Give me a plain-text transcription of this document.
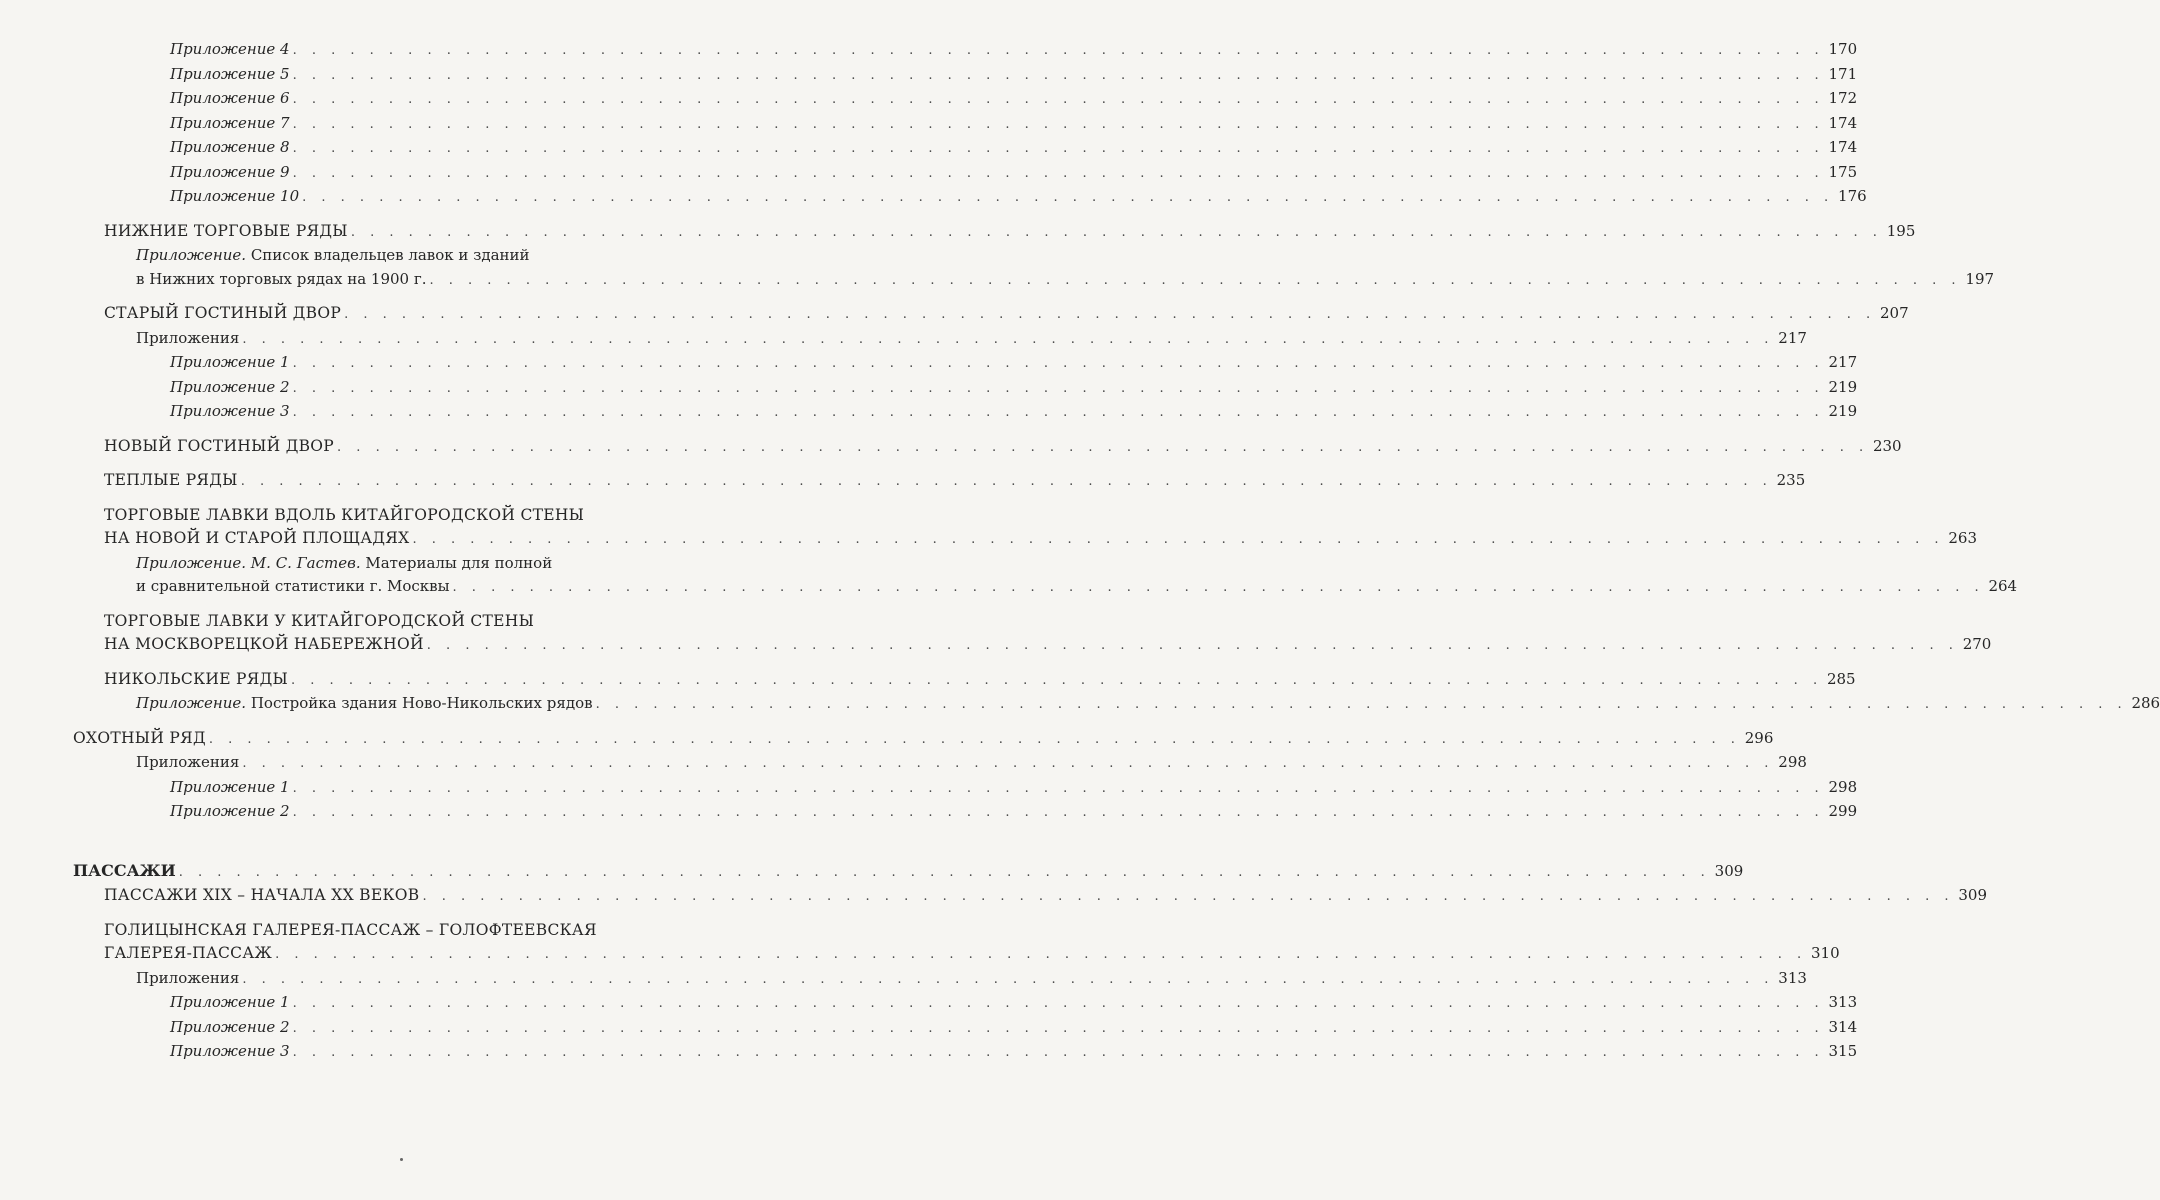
Приложение 4 . . . . . . . . . . . . . . . . . . . . . . . . . . . . . . . . . . . . . . . . . . . . . . . . . . . . . . . . . . . . . . . . . . . . . . . . . . . . . . . . 170
Приложение 5 . . . . . . . . . . . . . . . . . . . . . . . . . . . . . . . . . . . . . . . . . . . . . . . . . . . . . . . . . . . . . . . . . . . . . . . . . . . . . . . . 171
Приложение 6 . . . . . . . . . . . . . . . . . . . . . . . . . . . . . . . . . . . . . . . . . . . . . . . . . . . . . . . . . . . . . . . . . . . . . . . . . . . . . . . . 172
Приложение 7 . . . . . . . . . . . . . . . . . . . . . . . . . . . . . . . . . . . . . . . . . . . . . . . . . . . . . . . . . . . . . . . . . . . . . . . . . . . . . . . . 174
Приложение 8 . . . . . . . . . . . . . . . . . . . . . . . . . . . . . . . . . . . . . . . . . . . . . . . . . . . . . . . . . . . . . . . . . . . . . . . . . . . . . . . . 174
Приложение 9 . . . . . . . . . . . . . . . . . . . . . . . . . . . . . . . . . . . . . . . . . . . . . . . . . . . . . . . . . . . . . . . . . . . . . . . . . . . . . . . . 175
Приложение 10 . . . . . . . . . . . . . . . . . . . . . . . . . . . . . . . . . . . . . . . . . . . . . . . . . . . . . . . . . . . . . . . . . . . . . . . . . . . . . . . . 176
НИЖНИЕ ТОРГОВЫЕ РЯДЫ . . . . . . . . . . . . . . . . . . . . . . . . . . . . . . . . . . . . . . . . . . . . . . . . . . . . . . . . . . . . . . . . . . . . . . . . . . . . . . . . 195
Приложение.
Список владельцев лавок и зданий
в Нижних торговых рядах на 1900 г. . . . . . . . . . . . . . . . . . . . . . . . . . . . . . . . . . . . . . . . . . . . . . . . . . . . . . . . . . . . . . . . . . . . . . . . . . . . . . . . . 197
СТАРЫЙ ГОСТИНЫЙ ДВОР . . . . . . . . . . . . . . . . . . . . . . . . . . . . . . . . . . . . . . . . . . . . . . . . . . . . . . . . . . . . . . . . . . . . . . . . . . . . . . . . 207
Приложения . . . . . . . . . . . . . . . . . . . . . . . . . . . . . . . . . . . . . . . . . . . . . . . . . . . . . . . . . . . . . . . . . . . . . . . . . . . . . . . . 217
Приложение 1 . . . . . . . . . . . . . . . . . . . . . . . . . . . . . . . . . . . . . . . . . . . . . . . . . . . . . . . . . . . . . . . . . . . . . . . . . . . . . . . . 217
Приложение 2 . . . . . . . . . . . . . . . . . . . . . . . . . . . . . . . . . . . . . . . . . . . . . . . . . . . . . . . . . . . . . . . . . . . . . . . . . . . . . . . . 219
Приложение 3 . . . . . . . . . . . . . . . . . . . . . . . . . . . . . . . . . . . . . . . . . . . . . . . . . . . . . . . . . . . . . . . . . . . . . . . . . . . . . . . . 219
НОВЫЙ ГОСТИНЫЙ ДВОР . . . . . . . . . . . . . . . . . . . . . . . . . . . . . . . . . . . . . . . . . . . . . . . . . . . . . . . . . . . . . . . . . . . . . . . . . . . . . . . . 230
ТЕПЛЫЕ РЯДЫ . . . . . . . . . . . . . . . . . . . . . . . . . . . . . . . . . . . . . . . . . . . . . . . . . . . . . . . . . . . . . . . . . . . . . . . . . . . . . . . . 235
ТОРГОВЫЕ ЛАВКИ ВДОЛЬ КИТАЙГОРОДСКОЙ СТЕНЫ
НА НОВОЙ И СТАРОЙ ПЛОЩАДЯХ . . . . . . . . . . . . . . . . . . . . . . . . . . . . . . . . . . . . . . . . . . . . . . . . . . . . . . . . . . . . . . . . . . . . . . . . . . . . . . . . 263
Приложение. М. С. Гастев.
Материалы для полной
и сравнительной статистики г. Москвы . . . . . . . . . . . . . . . . . . . . . . . . . . . . . . . . . . . . . . . . . . . . . . . . . . . . . . . . . . . . . . . . . . . . . . . . . . . . . . . . 264
ТОРГОВЫЕ ЛАВКИ У КИТАЙГОРОДСКОЙ СТЕНЫ
НА МОСКВОРЕЦКОЙ НАБЕРЕЖНОЙ . . . . . . . . . . . . . . . . . . . . . . . . . . . . . . . . . . . . . . . . . . . . . . . . . . . . . . . . . . . . . . . . . . . . . . . . . . . . . . . . 270
НИКОЛЬСКИЕ РЯДЫ . . . . . . . . . . . . . . . . . . . . . . . . . . . . . . . . . . . . . . . . . . . . . . . . . . . . . . . . . . . . . . . . . . . . . . . . . . . . . . . . 285
Приложение.
Постройка здания Ново-Никольских рядов . . . . . . . . . . . . . . . . . . . . . . . . . . . . . . . . . . . . . . . . . . . . . . . . . . . . . . . . . . . . . . . . . . . . . . . . . . . . . . . . 286
ОХОТНЫЙ РЯД . . . . . . . . . . . . . . . . . . . . . . . . . . . . . . . . . . . . . . . . . . . . . . . . . . . . . . . . . . . . . . . . . . . . . . . . . . . . . . . . 296
Приложения . . . . . . . . . . . . . . . . . . . . . . . . . . . . . . . . . . . . . . . . . . . . . . . . . . . . . . . . . . . . . . . . . . . . . . . . . . . . . . . . 298
Приложение 1 . . . . . . . . . . . . . . . . . . . . . . . . . . . . . . . . . . . . . . . . . . . . . . . . . . . . . . . . . . . . . . . . . . . . . . . . . . . . . . . . 298
Приложение 2 . . . . . . . . . . . . . . . . . . . . . . . . . . . . . . . . . . . . . . . . . . . . . . . . . . . . . . . . . . . . . . . . . . . . . . . . . . . . . . . . 299
ПАССАЖИ . . . . . . . . . . . . . . . . . . . . . . . . . . . . . . . . . . . . . . . . . . . . . . . . . . . . . . . . . . . . . . . . . . . . . . . . . . . . . . . . 309
ПАССАЖИ XIX – НАЧАЛА XX ВЕКОВ . . . . . . . . . . . . . . . . . . . . . . . . . . . . . . . . . . . . . . . . . . . . . . . . . . . . . . . . . . . . . . . . . . . . . . . . . . . . . . . . 309
ГОЛИЦЫНСКАЯ ГАЛЕРЕЯ-ПАССАЖ – ГОЛОФТЕЕВСКАЯ
ГАЛЕРЕЯ-ПАССАЖ . . . . . . . . . . . . . . . . . . . . . . . . . . . . . . . . . . . . . . . . . . . . . . . . . . . . . . . . . . . . . . . . . . . . . . . . . . . . . . . . 310
Приложения . . . . . . . . . . . . . . . . . . . . . . . . . . . . . . . . . . . . . . . . . . . . . . . . . . . . . . . . . . . . . . . . . . . . . . . . . . . . . . . . 313
Приложение 1 . . . . . . . . . . . . . . . . . . . . . . . . . . . . . . . . . . . . . . . . . . . . . . . . . . . . . . . . . . . . . . . . . . . . . . . . . . . . . . . . 313
Приложение 2 . . . . . . . . . . . . . . . . . . . . . . . . . . . . . . . . . . . . . . . . . . . . . . . . . . . . . . . . . . . . . . . . . . . . . . . . . . . . . . . . 314
Приложение 3 . . . . . . . . . . . . . . . . . . . . . . . . . . . . . . . . . . . . . . . . . . . . . . . . . . . . . . . . . . . . . . . . . . . . . . . . . . . . . . . . 315
